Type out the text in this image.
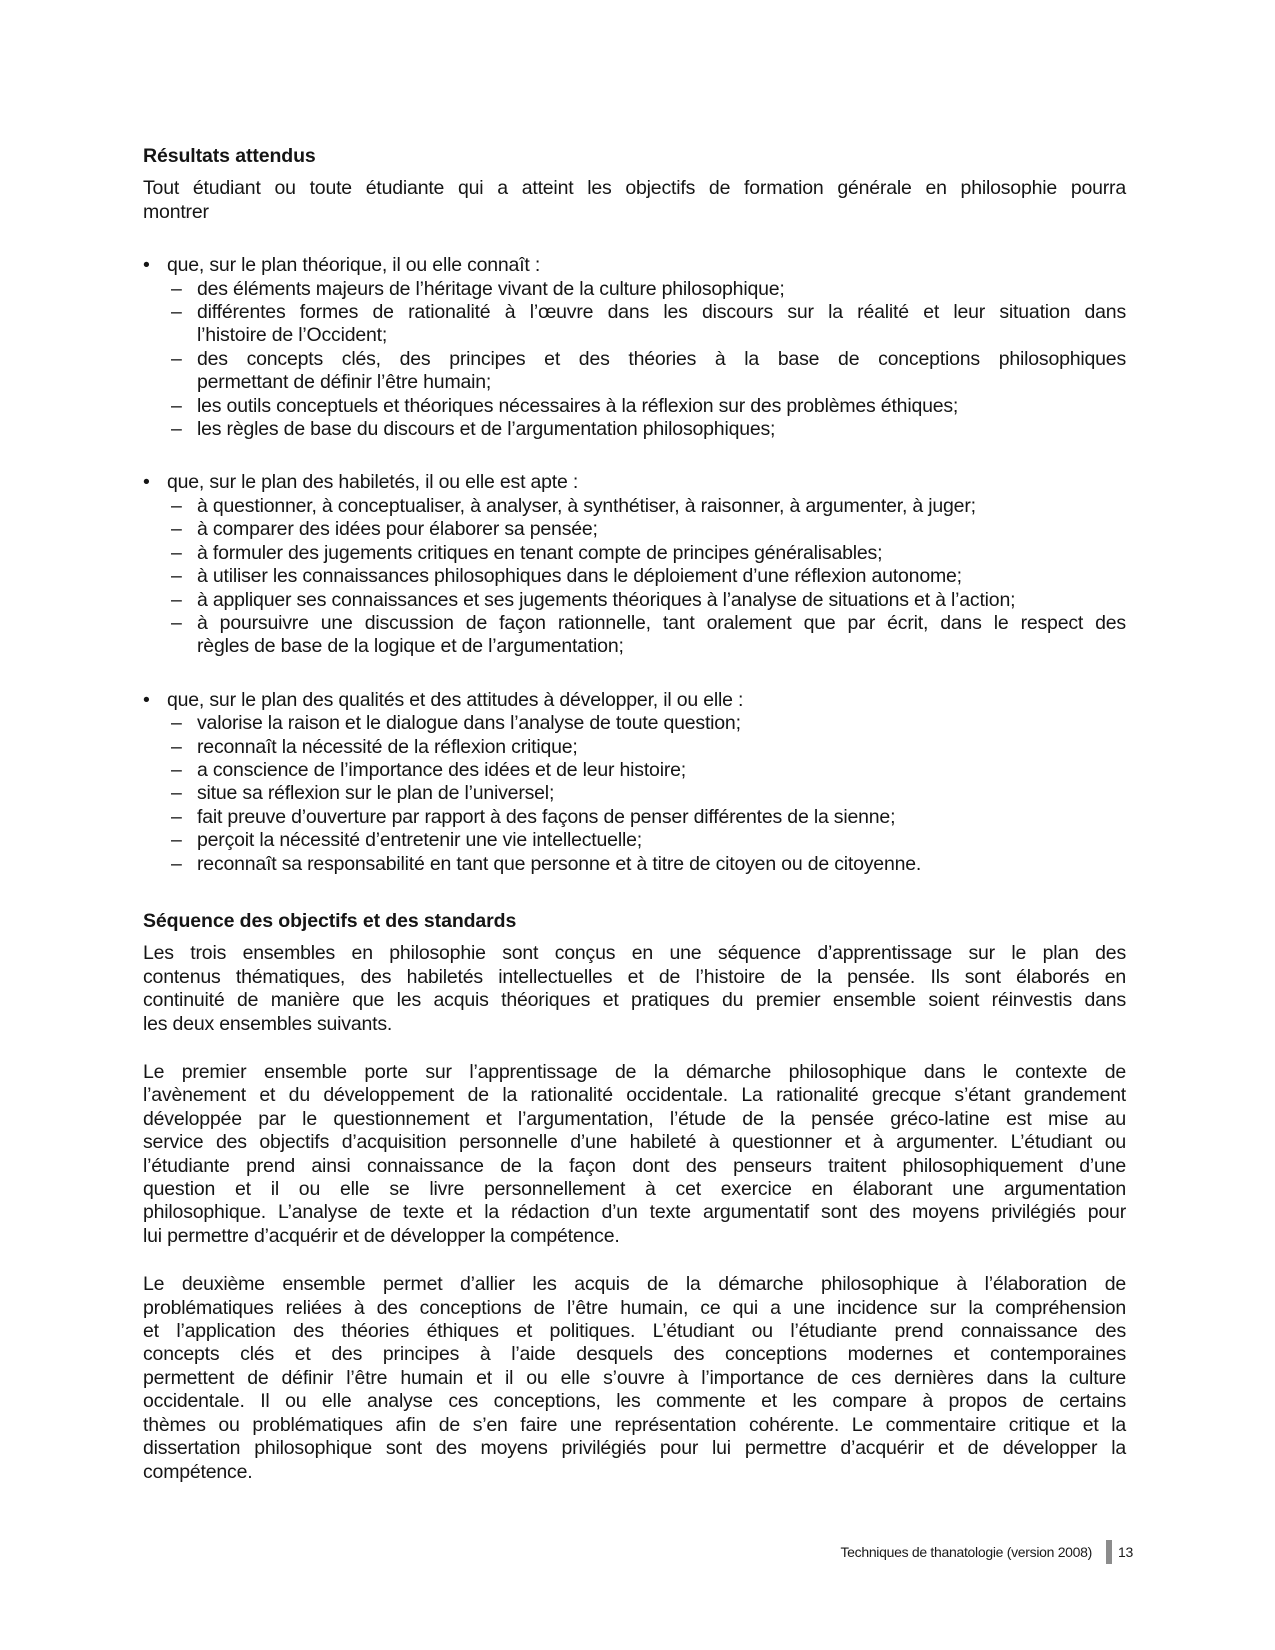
Résultats attendus
Tout étudiant ou toute étudiante qui a atteint les objectifs de formation générale en philosophie pourra
montrer
• que, sur le plan théorique, il ou elle connaît :
– des éléments majeurs de l’héritage vivant de la culture philosophique;
– différentes formes de rationalité à l’œuvre dans les discours sur la réalité et leur situation dans
l’histoire de l’Occident;
– des concepts clés, des principes et des théories à la base de conceptions philosophiques
permettant de définir l’être humain;
– les outils conceptuels et théoriques nécessaires à la réflexion sur des problèmes éthiques;
– les règles de base du discours et de l’argumentation philosophiques;
• que, sur le plan des habiletés, il ou elle est apte :
– à questionner, à conceptualiser, à analyser, à synthétiser, à raisonner, à argumenter, à juger;
– à comparer des idées pour élaborer sa pensée;
– à formuler des jugements critiques en tenant compte de principes généralisables;
– à utiliser les connaissances philosophiques dans le déploiement d’une réflexion autonome;
– à appliquer ses connaissances et ses jugements théoriques à l’analyse de situations et à l’action;
– à poursuivre une discussion de façon rationnelle, tant oralement que par écrit, dans le respect des
règles de base de la logique et de l’argumentation;
• que, sur le plan des qualités et des attitudes à développer, il ou elle :
– valorise la raison et le dialogue dans l’analyse de toute question;
– reconnaît la nécessité de la réflexion critique;
– a conscience de l’importance des idées et de leur histoire;
– situe sa réflexion sur le plan de l’universel;
– fait preuve d’ouverture par rapport à des façons de penser différentes de la sienne;
– perçoit la nécessité d’entretenir une vie intellectuelle;
– reconnaît sa responsabilité en tant que personne et à titre de citoyen ou de citoyenne.
Séquence des objectifs et des standards
Les trois ensembles en philosophie sont conçus en une séquence d’apprentissage sur le plan des
contenus thématiques, des habiletés intellectuelles et de l’histoire de la pensée. Ils sont élaborés en
continuité de manière que les acquis théoriques et pratiques du premier ensemble soient réinvestis dans
les deux ensembles suivants.
Le premier ensemble porte sur l’apprentissage de la démarche philosophique dans le contexte de
l’avènement et du développement de la rationalité occidentale. La rationalité grecque s’étant grandement
développée par le questionnement et l’argumentation, l’étude de la pensée gréco-latine est mise au
service des objectifs d’acquisition personnelle d’une habileté à questionner et à argumenter. L’étudiant ou
l’étudiante prend ainsi connaissance de la façon dont des penseurs traitent philosophiquement d’une
question et il ou elle se livre personnellement à cet exercice en élaborant une argumentation
philosophique. L’analyse de texte et la rédaction d’un texte argumentatif sont des moyens privilégiés pour
lui permettre d’acquérir et de développer la compétence.
Le deuxième ensemble permet d’allier les acquis de la démarche philosophique à l’élaboration de
problématiques reliées à des conceptions de l’être humain, ce qui a une incidence sur la compréhension
et l’application des théories éthiques et politiques. L’étudiant ou l’étudiante prend connaissance des
concepts clés et des principes à l’aide desquels des conceptions modernes et contemporaines
permettent de définir l’être humain et il ou elle s’ouvre à l’importance de ces dernières dans la culture
occidentale. Il ou elle analyse ces conceptions, les commente et les compare à propos de certains
thèmes ou problématiques afin de s’en faire une représentation cohérente. Le commentaire critique et la
dissertation philosophique sont des moyens privilégiés pour lui permettre d’acquérir et de développer la
compétence.
Techniques de thanatologie (version 2008) 13
